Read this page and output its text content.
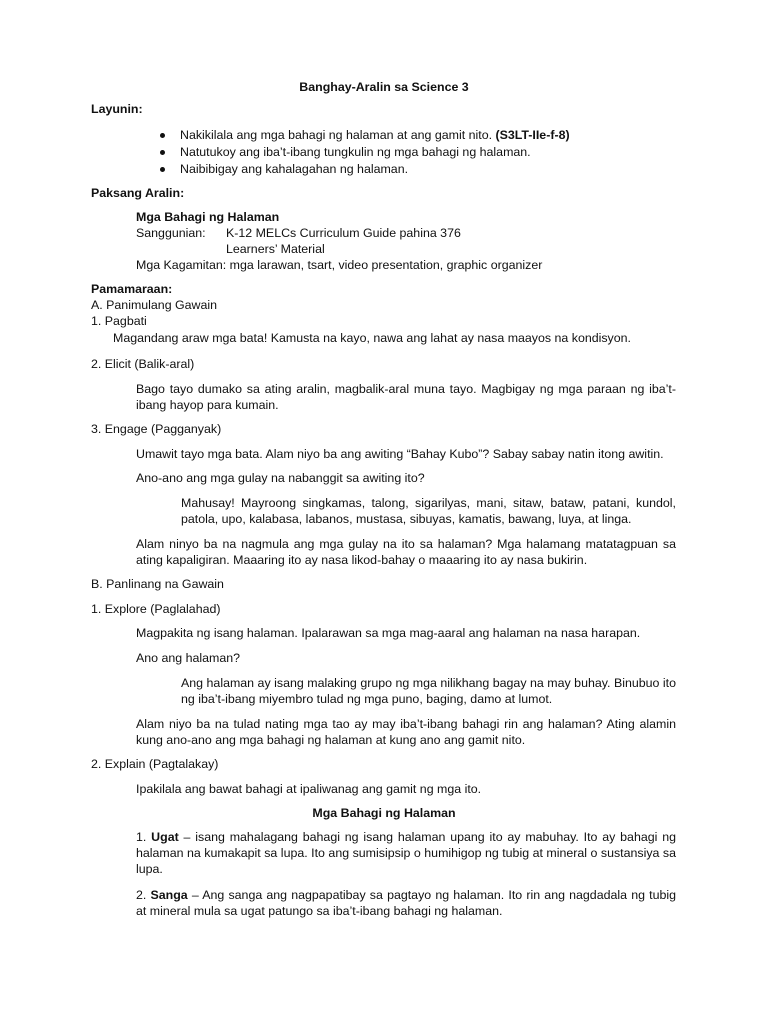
Banghay-Aralin sa Science 3
Layunin:
Nakikilala ang mga bahagi ng halaman at ang gamit nito. (S3LT-IIe-f-8)
Natutukoy ang iba’t-ibang tungkulin ng mga bahagi ng halaman.
Naibibigay ang kahalagahan ng halaman.
Paksang Aralin:
Mga Bahagi ng Halaman
Sanggunian: K-12 MELCs Curriculum Guide pahina 376
Learners’ Material
Mga Kagamitan: mga larawan, tsart, video presentation, graphic organizer
Pamamaraan:
A. Panimulang Gawain
1. Pagbati
Magandang araw mga bata! Kamusta na kayo, nawa ang lahat ay nasa maayos na kondisyon.
2. Elicit (Balik-aral)
Bago tayo dumako sa ating aralin, magbalik-aral muna tayo. Magbigay ng mga paraan ng iba’t-ibang hayop para kumain.
3. Engage (Pagganyak)
Umawit tayo mga bata. Alam niyo ba ang awiting “Bahay Kubo”? Sabay sabay natin itong awitin.
Ano-ano ang mga gulay na nabanggit sa awiting ito?
Mahusay! Mayroong singkamas, talong, sigarilyas, mani, sitaw, bataw, patani, kundol, patola, upo, kalabasa, labanos, mustasa, sibuyas, kamatis, bawang, luya, at linga.
Alam ninyo ba na nagmula ang mga gulay na ito sa halaman? Mga halamang matatagpuan sa ating kapaligiran. Maaaring ito ay nasa likod-bahay o maaaring ito ay nasa bukirin.
B. Panlinang na Gawain
1. Explore (Paglalahad)
Magpakita ng isang halaman. Ipalarawan sa mga mag-aaral ang halaman na nasa harapan.
Ano ang halaman?
Ang halaman ay isang malaking grupo ng mga nilikhang bagay na may buhay. Binubuo ito ng iba’t-ibang miyembro tulad ng mga puno, baging, damo at lumot.
Alam niyo ba na tulad nating mga tao ay may iba’t-ibang bahagi rin ang halaman? Ating alamin kung ano-ano ang mga bahagi ng halaman at kung ano ang gamit nito.
2. Explain (Pagtalakay)
Ipakilala ang bawat bahagi at ipaliwanag ang gamit ng mga ito.
Mga Bahagi ng Halaman
1. Ugat – isang mahalagang bahagi ng isang halaman upang ito ay mabuhay. Ito ay bahagi ng halaman na kumakapit sa lupa. Ito ang sumisipsip o humihigop ng tubig at mineral o sustansiya sa lupa.
2. Sanga – Ang sanga ang nagpapatibay sa pagtayo ng halaman. Ito rin ang nagdadala ng tubig at mineral mula sa ugat patungo sa iba’t-ibang bahagi ng halaman.
